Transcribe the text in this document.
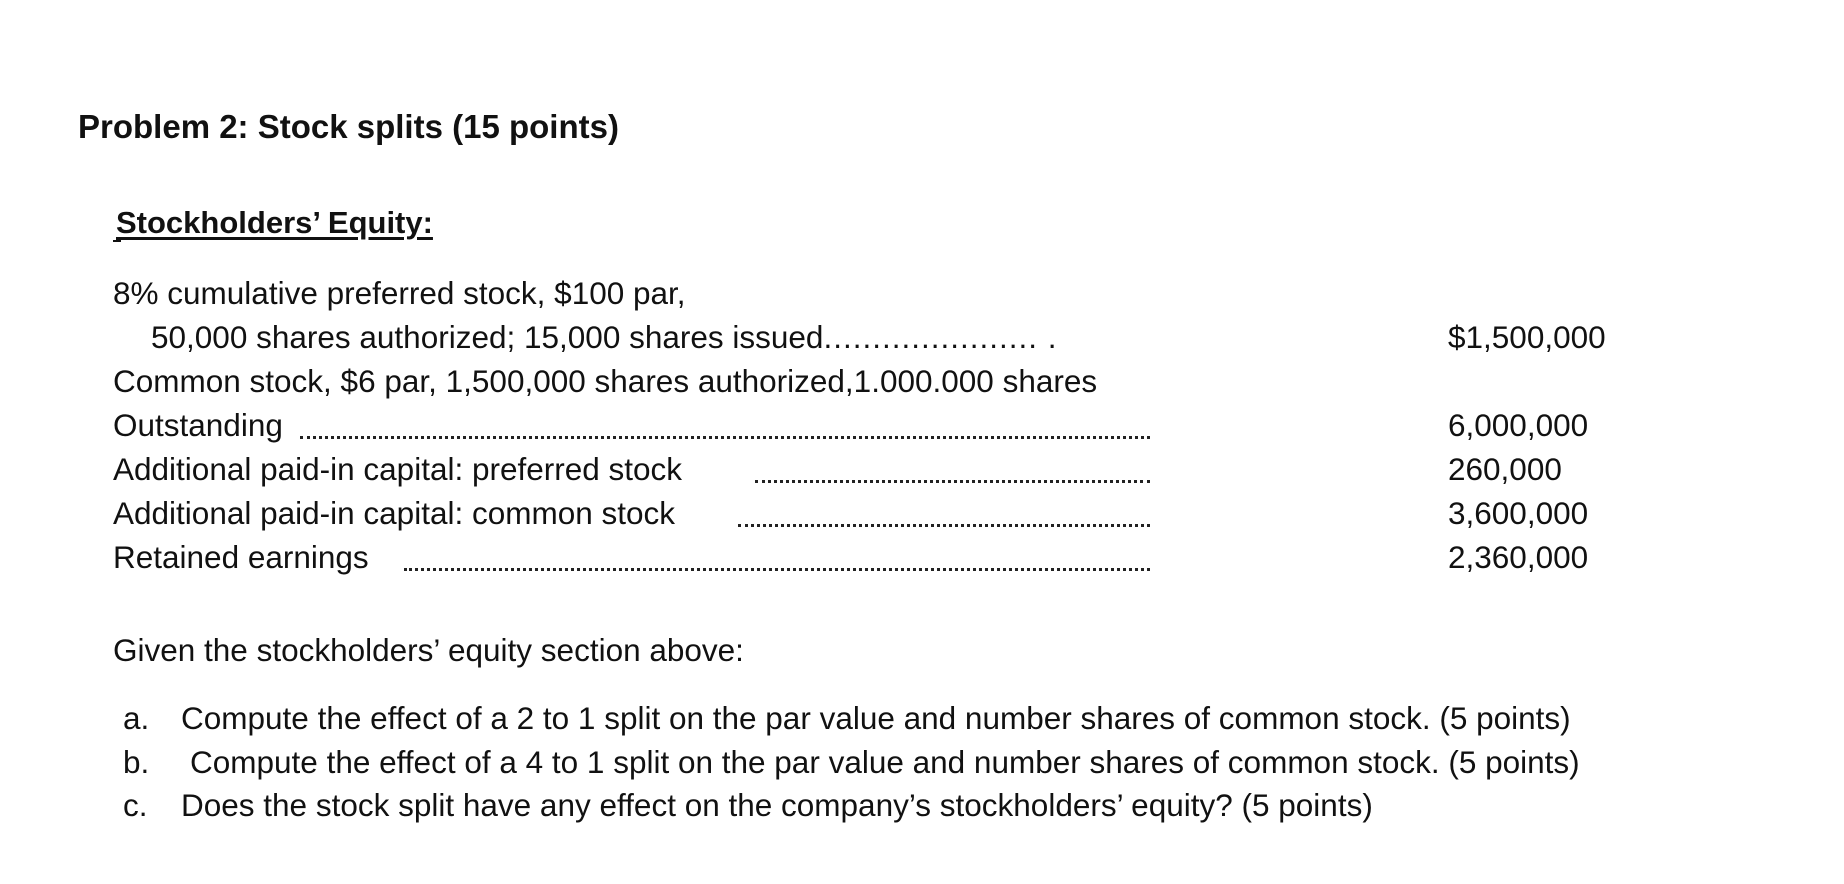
Problem 2: Stock splits (15 points)
Stockholders’ Equity:
8% cumulative preferred stock, $100 par,
50,000 shares authorized; 15,000 shares issued...................... .	$1,500,000
Common stock, $6 par, 1,500,000 shares authorized,1.000.000 shares
Outstanding	6,000,000
Additional paid-in capital: preferred stock	260,000
Additional paid-in capital: common stock	3,600,000
Retained earnings	2,360,000

Given the stockholders’ equity section above:

a. Compute the effect of a 2 to 1 split on the par value and number shares of common stock. (5 points)
b. Compute the effect of a 4 to 1 split on the par value and number shares of common stock. (5 points)
c. Does the stock split have any effect on the company’s stockholders’ equity? (5 points)
